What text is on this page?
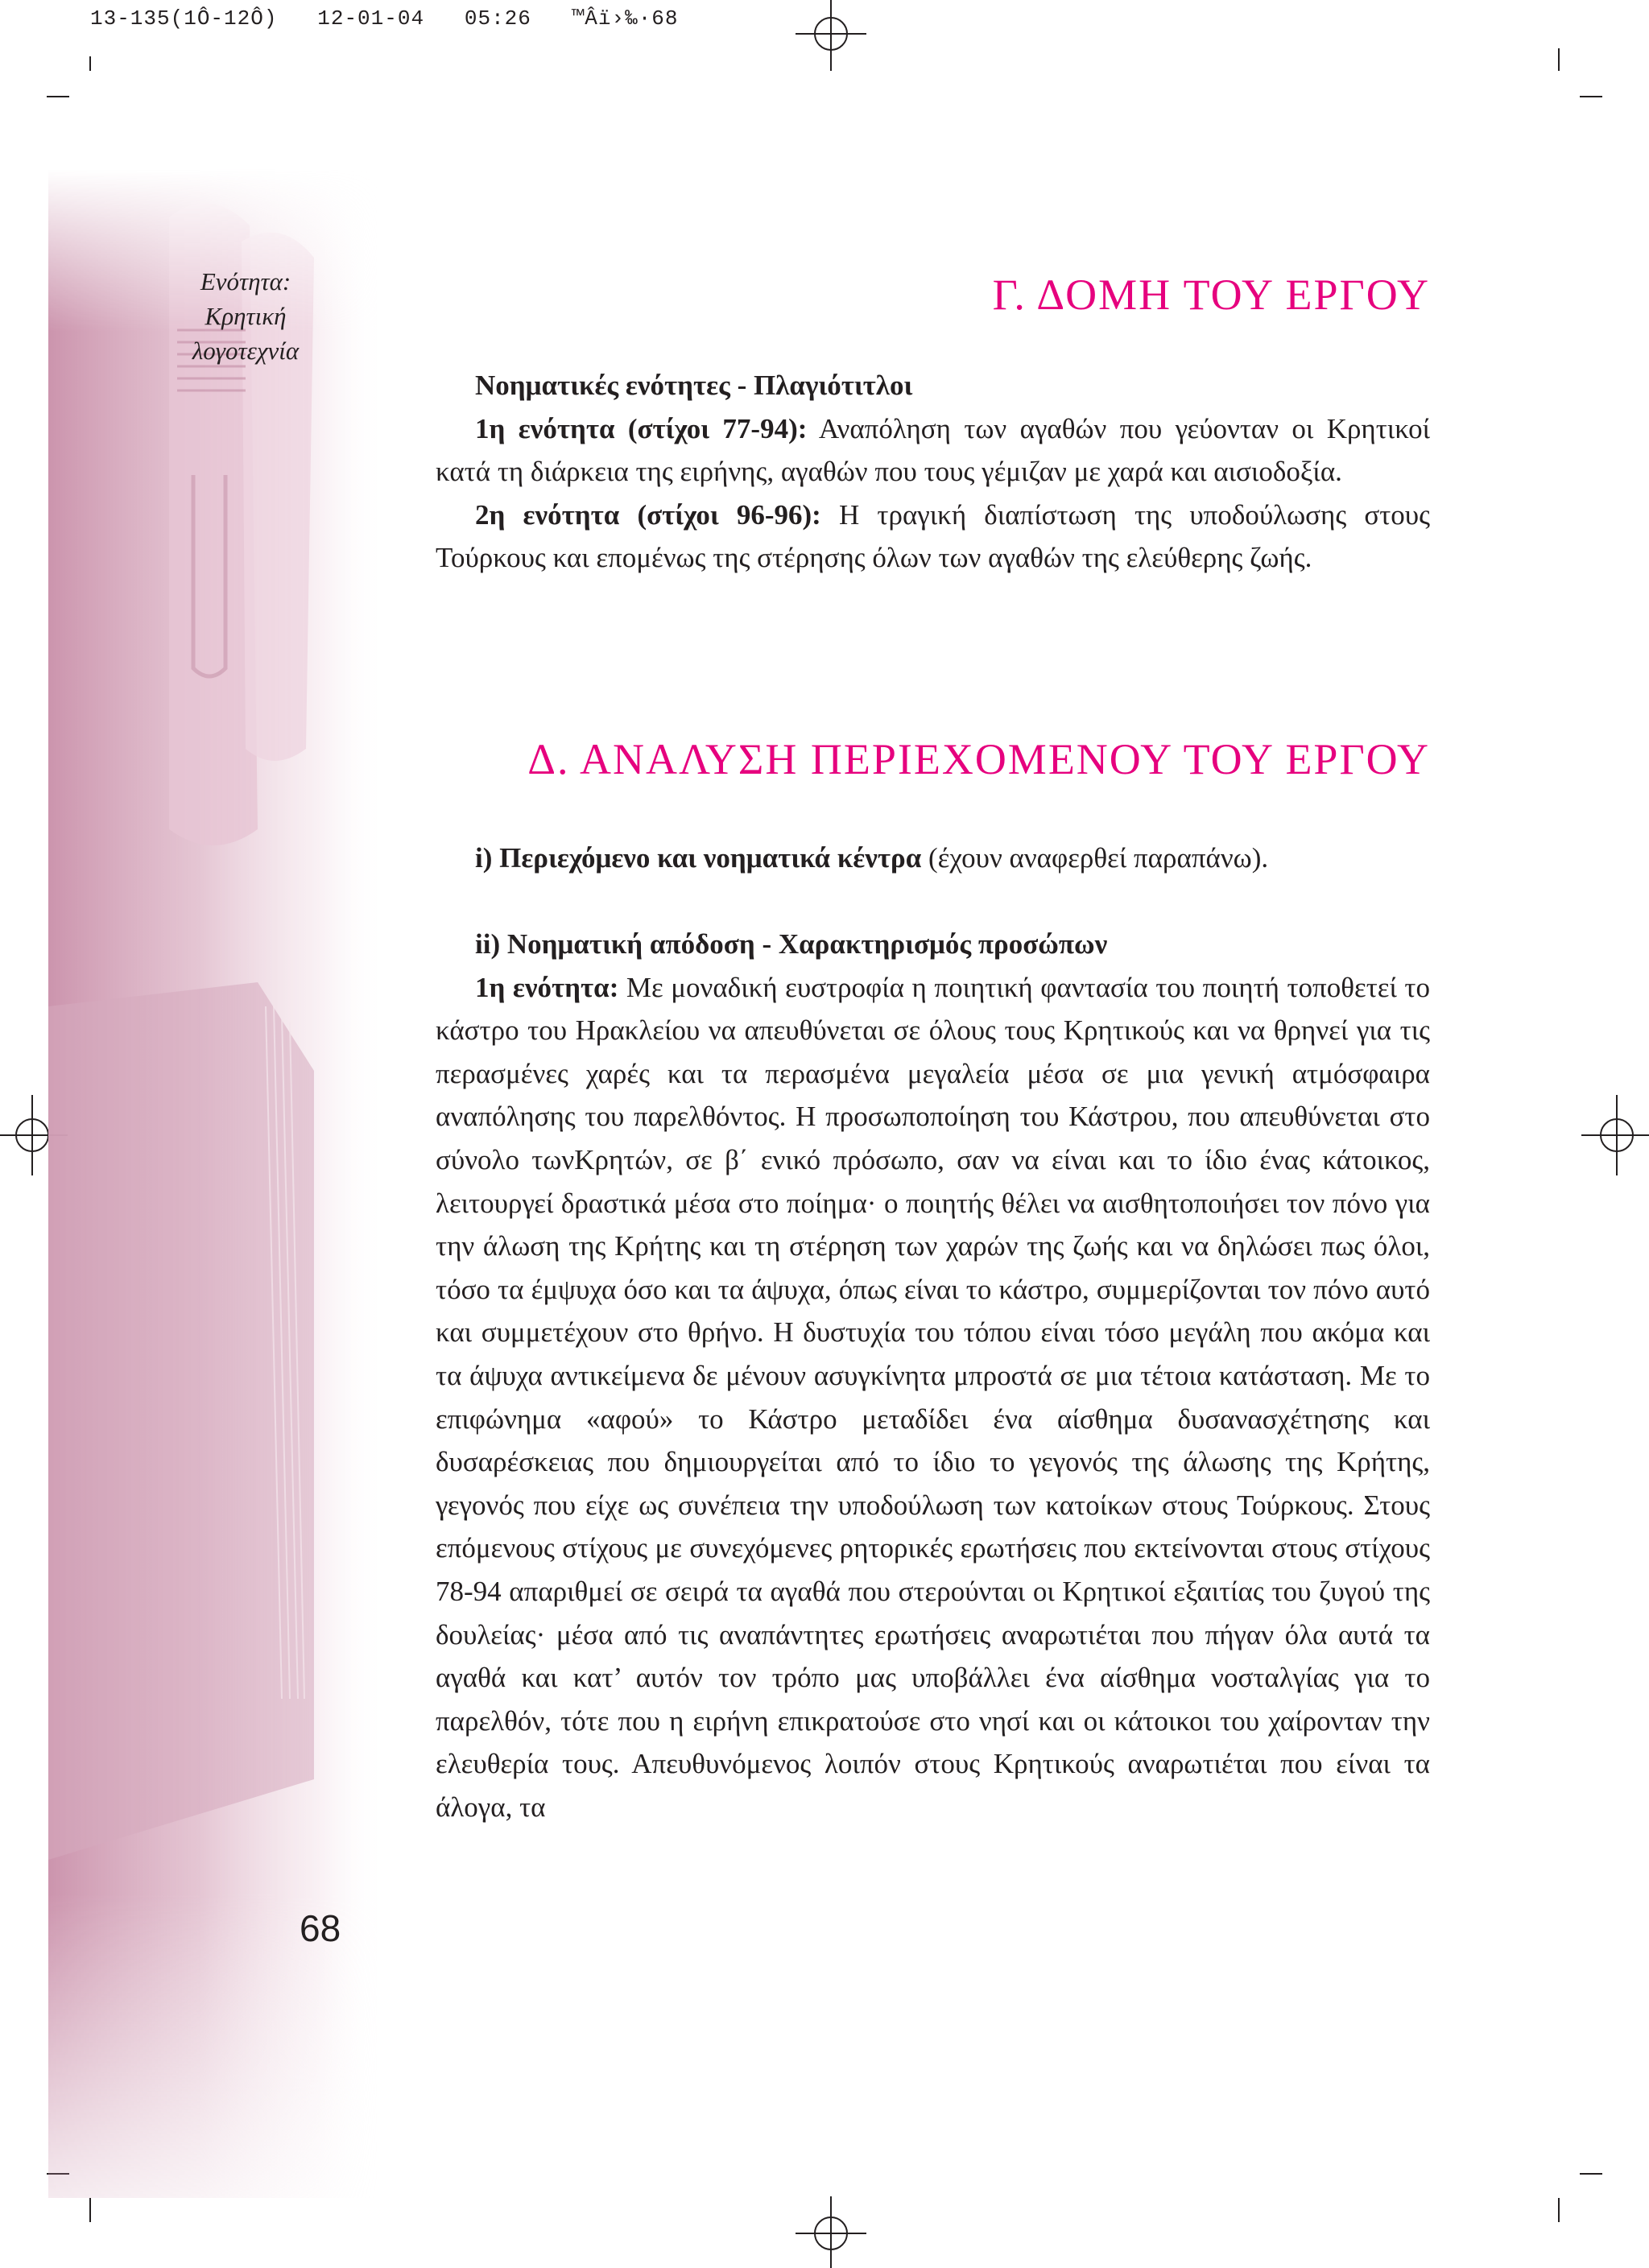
13-135(1Ô-12Ô)   12-01-04   05:26   ™Âï›‰·68
Ενότητα:
Κρητική
λογοτεχνία
68
Γ. ΔΟΜΗ ΤΟΥ ΕΡΓΟΥ

Νοηματικές ενότητες - Πλαγιότιτλοι

1η ενότητα (στίχοι 77-94): Αναπόληση των αγαθών που γεύονταν οι Κρητικοί κατά τη διάρκεια της ειρήνης, αγαθών που τους γέμιζαν με χαρά και αισιοδοξία.

2η ενότητα (στίχοι 96-96): Η τραγική διαπίστωση της υποδούλωσης στους Τούρκους και επομένως της στέρησης όλων των αγαθών της ελεύθερης ζωής.

Δ. ΑΝΑΛΥΣΗ ΠΕΡΙΕΧΟΜΕΝΟΥ ΤΟΥ ΕΡΓΟΥ

i) Περιεχόμενο και νοηματικά κέντρα (έχουν αναφερθεί παραπάνω).

ii) Νοηματική απόδοση - Χαρακτηρισμός προσώπων

1η ενότητα: Με μοναδική ευστροφία η ποιητική φαντασία του ποιητή τοποθετεί το κάστρο του Ηρακλείου να απευθύνεται σε όλους τους Κρητικούς και να θρηνεί για τις περασμένες χαρές και τα περασμένα μεγαλεία μέσα σε μια γενική ατμόσφαιρα αναπόλησης του παρελθόντος. Η προσωποποίηση του Κάστρου, που απευθύνεται στο σύνολο τωνΚρητών, σε β΄ ενικό πρόσωπο, σαν να είναι και το ίδιο ένας κάτοικος, λειτουργεί δραστικά μέσα στο ποίημα· ο ποιητής θέλει να αισθητοποιήσει τον πόνο για την άλωση της Κρήτης και τη στέρηση των χαρών της ζωής και να δηλώσει πως όλοι, τόσο τα έμψυχα όσο και τα άψυχα, όπως είναι το κάστρο, συμμερίζονται τον πόνο αυτό και συμμετέχουν στο θρήνο. Η δυστυχία του τόπου είναι τόσο μεγάλη που ακόμα και τα άψυχα αντικείμενα δε μένουν ασυγκίνητα μπροστά σε μια τέτοια κατάσταση. Με το επιφώνημα «αφού» το Κάστρο μεταδίδει ένα αίσθημα δυσανασχέτησης και δυσαρέσκειας που δημιουργείται από το ίδιο το γεγονός της άλωσης της Κρήτης, γεγονός που είχε ως συνέπεια την υποδούλωση των κατοίκων στους Τούρκους. Στους επόμενους στίχους με συνεχόμενες ρητορικές ερωτήσεις που εκτείνονται στους στίχους 78-94 απαριθμεί σε σειρά τα αγαθά που στερούνται οι Κρητικοί εξαιτίας του ζυγού της δουλείας· μέσα από τις αναπάντητες ερωτήσεις αναρωτιέται που πήγαν όλα αυτά τα αγαθά και κατ’ αυτόν τον τρόπο μας υποβάλλει ένα αίσθημα νοσταλγίας για το παρελθόν, τότε που η ειρήνη επικρατούσε στο νησί και οι κάτοικοι του χαίρονταν την ελευθερία τους. Απευθυνόμενος λοιπόν στους Κρητικούς αναρωτιέται που είναι τα άλογα, τα
